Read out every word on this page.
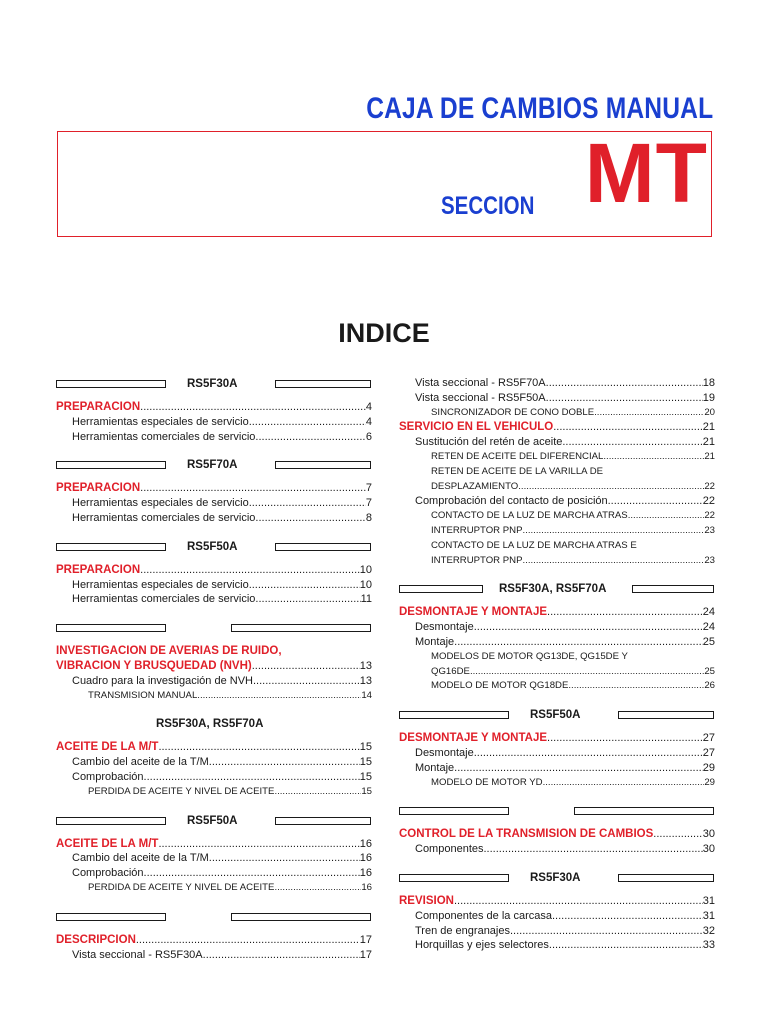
CAJA DE CAMBIOS MANUAL
SECCION MT
INDICE
RS5F30A
PREPARACION .....	4
Herramientas especiales de servicio .....	4
Herramientas comerciales de servicio .....	6
RS5F70A
PREPARACION .....	7
Herramientas especiales de servicio .....	7
Herramientas comerciales de servicio .....	8
RS5F50A
PREPARACION .....	10
Herramientas especiales de servicio .....	10
Herramientas comerciales de servicio .....	11
INVESTIGACION DE AVERIAS DE RUIDO,
VIBRACION Y BRUSQUEDAD (NVH) .....	13
Cuadro para la investigación de NVH .....	13
TRANSMISION MANUAL .....	14
RS5F30A, RS5F70A
ACEITE DE LA M/T .....	15
Cambio del aceite de la T/M .....	15
Comprobación .....	15
PERDIDA DE ACEITE Y NIVEL DE ACEITE .....	15
RS5F50A
ACEITE DE LA M/T .....	16
Cambio del aceite de la T/M .....	16
Comprobación .....	16
PERDIDA DE ACEITE Y NIVEL DE ACEITE .....	16
DESCRIPCION .....	17
Vista seccional - RS5F30A .....	17
Vista seccional - RS5F70A .....	18
Vista seccional - RS5F50A .....	19
SINCRONIZADOR DE CONO DOBLE .....	20
SERVICIO EN EL VEHICULO .....	21
Sustitución del retén de aceite .....	21
RETEN DE ACEITE DEL DIFERENCIAL .....	21
RETEN DE ACEITE DE LA VARILLA DE
DESPLAZAMIENTO .....	22
Comprobación del contacto de posición .....	22
CONTACTO DE LA LUZ DE MARCHA ATRAS .....	22
INTERRUPTOR PNP .....	23
CONTACTO DE LA LUZ DE MARCHA ATRAS E
INTERRUPTOR PNP .....	23
RS5F30A, RS5F70A
DESMONTAJE Y MONTAJE .....	24
Desmontaje .....	24
Montaje .....	25
MODELOS DE MOTOR QG13DE, QG15DE Y
QG16DE .....	25
MODELO DE MOTOR QG18DE .....	26
RS5F50A
DESMONTAJE Y MONTAJE .....	27
Desmontaje .....	27
Montaje .....	29
MODELO DE MOTOR YD .....	29
CONTROL DE LA TRANSMISION DE CAMBIOS .....	30
Componentes .....	30
RS5F30A
REVISION .....	31
Componentes de la carcasa .....	31
Tren de engranajes .....	32
Horquillas y ejes selectores .....	33
